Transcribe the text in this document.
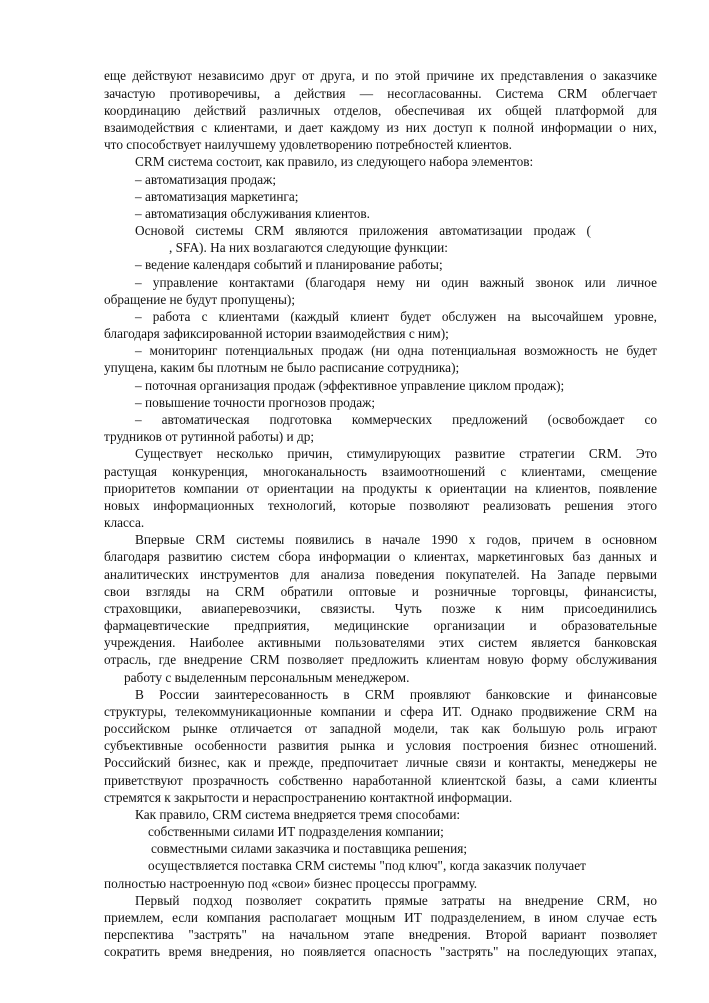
еще действуют независимо друг от друга, и по этой причине их представления о заказчике
зачастую противоречивы, а действия — несогласованны. Система CRM облегчает
координацию действий различных отделов, обеспечивая их общей платформой для
взаимодействия с клиентами, и дает каждому из них доступ к полной информации о них,
что способствует наилучшему удовлетворению потребностей клиентов.
CRM система состоит, как правило, из следующего набора элементов:
– автоматизация продаж;
– автоматизация маркетинга;
– автоматизация обслуживания клиентов.
Основой системы CRM являются приложения автоматизации продаж (
, SFA). На них возлагаются следующие функции:
– ведение календаря событий и планирование работы;
– управление контактами (благодаря нему ни один важный звонок или личное
обращение не будут пропущены);
– работа с клиентами (каждый клиент будет обслужен на высочайшем уровне,
благодаря зафиксированной истории взаимодействия с ним);
– мониторинг потенциальных продаж (ни одна потенциальная возможность не будет
упущена, каким бы плотным не было расписание сотрудника);
– поточная организация продаж (эффективное управление циклом продаж);
– повышение точности прогнозов продаж;
– автоматическая подготовка коммерческих предложений (освобождает со
трудников от рутинной работы) и др;
Существует несколько причин, стимулирующих развитие стратегии CRM. Это
растущая конкуренция, многоканальность взаимоотношений с клиентами, смещение
приоритетов компании от ориентации на продукты к ориентации на клиентов, появление
новых информационных технологий, которые позволяют реализовать решения этого
класса.
Впервые CRM системы появились в начале 1990 х годов, причем в основном
благодаря развитию систем сбора информации о клиентах, маркетинговых баз данных и
аналитических инструментов для анализа поведения покупателей. На Западе первыми
свои взгляды на CRM обратили оптовые и розничные торговцы, финансисты,
страховщики, авиаперевозчики, связисты. Чуть позже к ним присоединились
фармацевтические предприятия, медицинские организации и образовательные
учреждения. Наиболее активными пользователями этих систем является банковская
отрасль, где внедрение CRM позволяет предложить клиентам новую форму обслуживания
работу с выделенным персональным менеджером.
В России заинтересованность в CRM проявляют банковские и финансовые
структуры, телекоммуникационные компании и сфера ИТ. Однако продвижение CRM на
российском рынке отличается от западной модели, так как большую роль играют
субъективные особенности развития рынка и условия построения бизнес отношений.
Российский бизнес, как и прежде, предпочитает личные связи и контакты, менеджеры не
приветствуют прозрачность собственно наработанной клиентской базы, а сами клиенты
стремятся к закрытости и нераспространению контактной информации.
Как правило, CRM система внедряется тремя способами:
собственными силами ИТ подразделения компании;
совместными силами заказчика и поставщика решения;
осуществляется поставка CRM системы "под ключ", когда заказчик получает
полностью настроенную под «свои» бизнес процессы программу.
Первый подход позволяет сократить прямые затраты на внедрение CRM, но
приемлем, если компания располагает мощным ИТ подразделением, в ином случае есть
перспектива "застрять" на начальном этапе внедрения. Второй вариант позволяет
сократить время внедрения, но появляется опасность "застрять" на последующих этапах,
